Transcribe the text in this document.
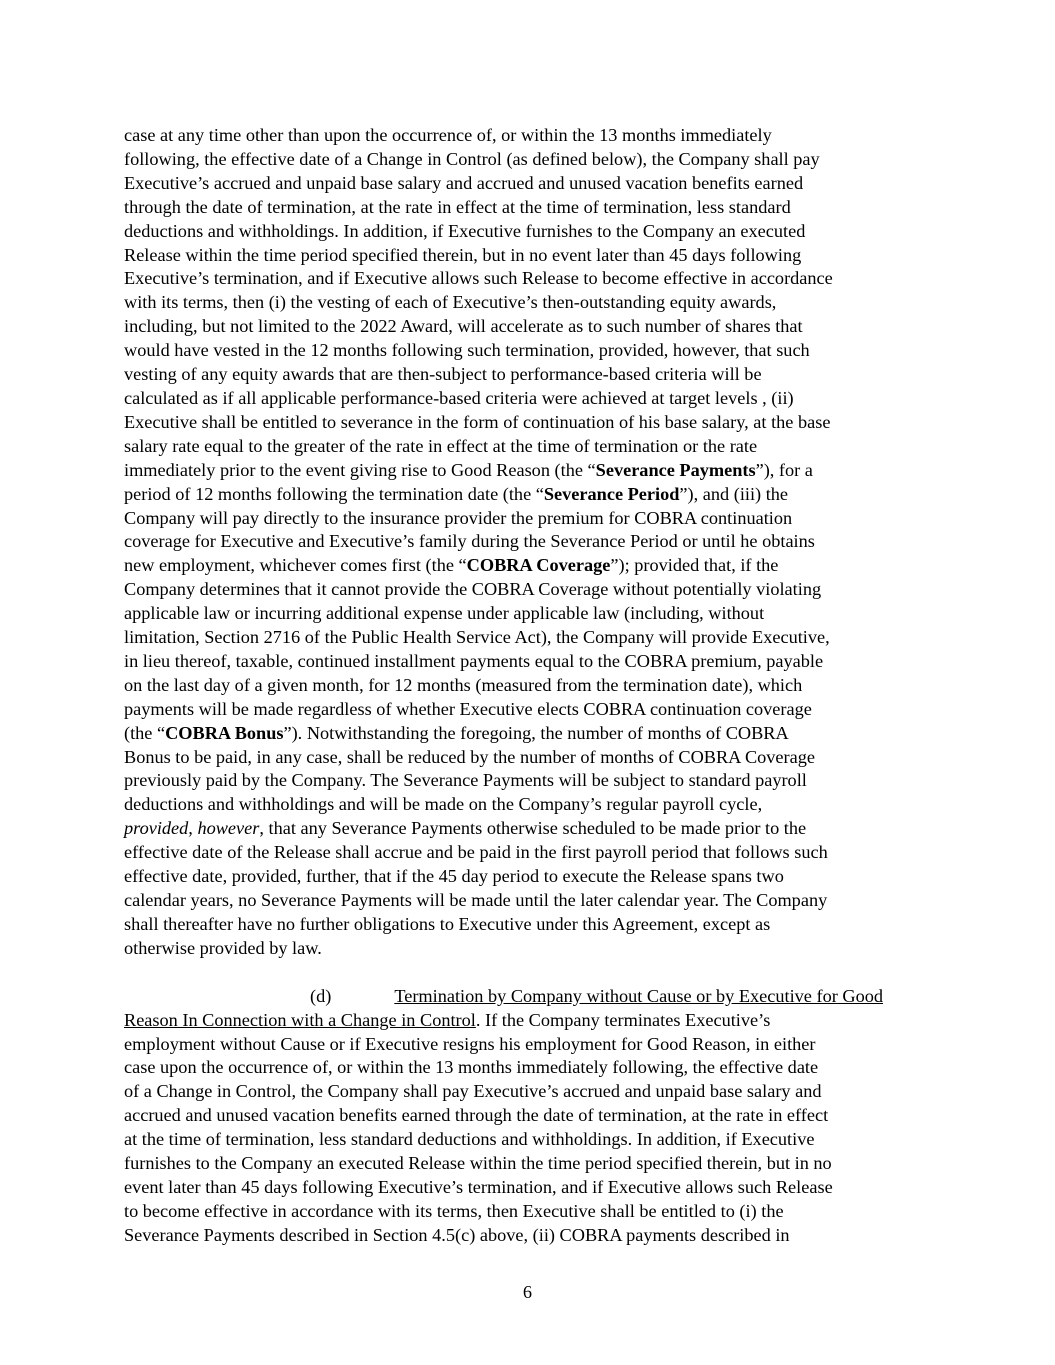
case at any time other than upon the occurrence of, or within the 13 months immediately
following, the effective date of a Change in Control (as defined below), the Company shall pay
Executive’s accrued and unpaid base salary and accrued and unused vacation benefits earned
through the date of termination, at the rate in effect at the time of termination, less standard
deductions and withholdings. In addition, if Executive furnishes to the Company an executed
Release within the time period specified therein, but in no event later than 45 days following
Executive’s termination, and if Executive allows such Release to become effective in accordance
with its terms, then (i) the vesting of each of Executive’s then-outstanding equity awards,
including, but not limited to the 2022 Award, will accelerate as to such number of shares that
would have vested in the 12 months following such termination, provided, however, that such
vesting of any equity awards that are then-subject to performance-based criteria will be
calculated as if all applicable performance-based criteria were achieved at target levels , (ii)
Executive shall be entitled to severance in the form of continuation of his base salary, at the base
salary rate equal to the greater of the rate in effect at the time of termination or the rate
immediately prior to the event giving rise to Good Reason (the “Severance Payments”), for a
period of 12 months following the termination date (the “Severance Period”), and (iii) the
Company will pay directly to the insurance provider the premium for COBRA continuation
coverage for Executive and Executive’s family during the Severance Period or until he obtains
new employment, whichever comes first (the “COBRA Coverage”); provided that, if the
Company determines that it cannot provide the COBRA Coverage without potentially violating
applicable law or incurring additional expense under applicable law (including, without
limitation, Section 2716 of the Public Health Service Act), the Company will provide Executive,
in lieu thereof, taxable, continued installment payments equal to the COBRA premium, payable
on the last day of a given month, for 12 months (measured from the termination date), which
payments will be made regardless of whether Executive elects COBRA continuation coverage
(the “COBRA Bonus”). Notwithstanding the foregoing, the number of months of COBRA
Bonus to be paid, in any case, shall be reduced by the number of months of COBRA Coverage
previously paid by the Company. The Severance Payments will be subject to standard payroll
deductions and withholdings and will be made on the Company’s regular payroll cycle,
provided, however, that any Severance Payments otherwise scheduled to be made prior to the
effective date of the Release shall accrue and be paid in the first payroll period that follows such
effective date, provided, further, that if the 45 day period to execute the Release spans two
calendar years, no Severance Payments will be made until the later calendar year. The Company
shall thereafter have no further obligations to Executive under this Agreement, except as
otherwise provided by law.
(d)	Termination by Company without Cause or by Executive for Good
Reason In Connection with a Change in Control. If the Company terminates Executive’s
employment without Cause or if Executive resigns his employment for Good Reason, in either
case upon the occurrence of, or within the 13 months immediately following, the effective date
of a Change in Control, the Company shall pay Executive’s accrued and unpaid base salary and
accrued and unused vacation benefits earned through the date of termination, at the rate in effect
at the time of termination, less standard deductions and withholdings. In addition, if Executive
furnishes to the Company an executed Release within the time period specified therein, but in no
event later than 45 days following Executive’s termination, and if Executive allows such Release
to become effective in accordance with its terms, then Executive shall be entitled to (i) the
Severance Payments described in Section 4.5(c) above, (ii) COBRA payments described in
6
